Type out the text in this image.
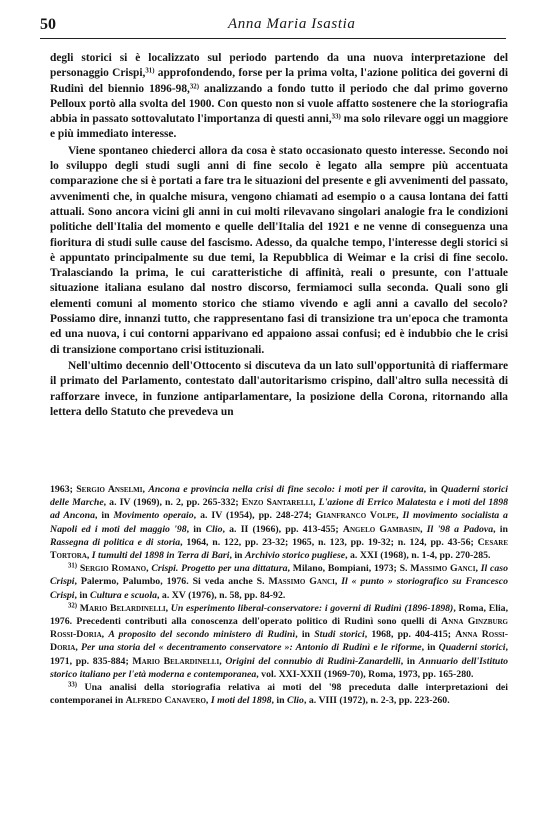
50	Anna Maria Isastia

degli storici si è localizzato sul periodo partendo da una nuova interpretazione del personaggio Crispi,$^{31)}$ approfondendo, forse per la prima volta, l'azione politica dei governi di Rudinì del biennio 1896-98,$^{32)}$ analizzando a fondo tutto il periodo che dal primo governo Pelloux portò alla svolta del 1900. Con questo non si vuole affatto sostenere che la storiografia abbia in passato sottovalutato l'importanza di questi anni,$^{33)}$ ma solo rilevare oggi un maggiore e più immediato interesse.

Viene spontaneo chiederci allora da cosa è stato occasionato questo interesse. Secondo noi lo sviluppo degli studi sugli anni di fine secolo è legato alla sempre più accentuata comparazione che si è portati a fare tra le situazioni del presente e gli avvenimenti del passato, avvenimenti che, in qualche misura, vengono chiamati ad esempio o a causa lontana dei fatti attuali. Sono ancora vicini gli anni in cui molti rilevavano singolari analogie fra le condizioni politiche dell'Italia del momento e quelle dell'Italia del 1921 e ne venne di conseguenza una fioritura di studi sulle cause del fascismo. Adesso, da qualche tempo, l'interesse degli storici si è appuntato principalmente su due temi, la Repubblica di Weimar e la crisi di fine secolo. Tralasciando la prima, le cui caratteristiche di affinità, reali o presunte, con l'attuale situazione italiana esulano dal nostro discorso, fermiamoci sulla seconda. Quali sono gli elementi comuni al momento storico che stiamo vivendo e agli anni a cavallo del secolo? Possiamo dire, innanzi tutto, che rappresentano fasi di transizione tra un'epoca che tramonta ed una nuova, i cui contorni apparivano ed appaiono assai confusi; ed è indubbio che le crisi di transizione comportano crisi istituzionali.

Nell'ultimo decennio dell'Ottocento si discuteva da un lato sull'opportunità di riaffermare il primato del Parlamento, contestato dall'autoritarismo crispino, dall'altro sulla necessità di rafforzare invece, in funzione antiparlamentare, la posizione della Corona, ritornando alla lettera dello Statuto che prevedeva un

1963; Sergio Anselmi, Ancona e provincia nella crisi di fine secolo: i moti per il carovita, in Quaderni storici delle Marche, a. IV (1969), n. 2, pp. 265-332; Enzo Santarelli, L'azione di Errico Malatesta e i moti del 1898 ad Ancona, in Movimento operaio, a. IV (1954), pp. 248-274; Gianfranco Volpe, Il movimento socialista a Napoli ed i moti del maggio '98, in Clio, a. II (1966), pp. 413-455; Angelo Gambasin, Il '98 a Padova, in Rassegna di politica e di storia, 1964, n. 122, pp. 23-32; 1965, n. 123, pp. 19-32; n. 124, pp. 43-56; Cesare Tortora, I tumulti del 1898 in Terra di Bari, in Archivio storico pugliese, a. XXI (1968), n. 1-4, pp. 270-285.

$^{31)}$ Sergio Romano, Crispi. Progetto per una dittatura, Milano, Bompiani, 1973; S. Massimo Ganci, Il caso Crispi, Palermo, Palumbo, 1976. Si veda anche S. Massimo Ganci, Il « punto » storiografico su Francesco Crispi, in Cultura e scuola, a. XV (1976), n. 58, pp. 84-92.

$^{32)}$ Mario Belardinelli, Un esperimento liberal-conservatore: i governi di Rudinì (1896-1898), Roma, Elia, 1976. Precedenti contributi alla conoscenza dell'operato politico di Rudinì sono quelli di Anna Ginzburg Rossi-Doria, A proposito del secondo ministero di Rudinì, in Studi storici, 1968, pp. 404-415; Anna Rossi-Doria, Per una storia del « decentramento conservatore »: Antonio di Rudinì e le riforme, in Quaderni storici, 1971, pp. 835-884; Mario Belardinelli, Origini del connubio di Rudinì-Zanardelli, in Annuario dell'Istituto storico italiano per l'età moderna e contemporanea, vol. XXI-XXII (1969-70), Roma, 1973, pp. 165-280.

$^{33)}$ Una analisi della storiografia relativa ai moti del '98 preceduta dalle interpretazioni dei contemporanei in Alfredo Canavero, I moti del 1898, in Clio, a. VIII (1972), n. 2-3, pp. 223-260.
